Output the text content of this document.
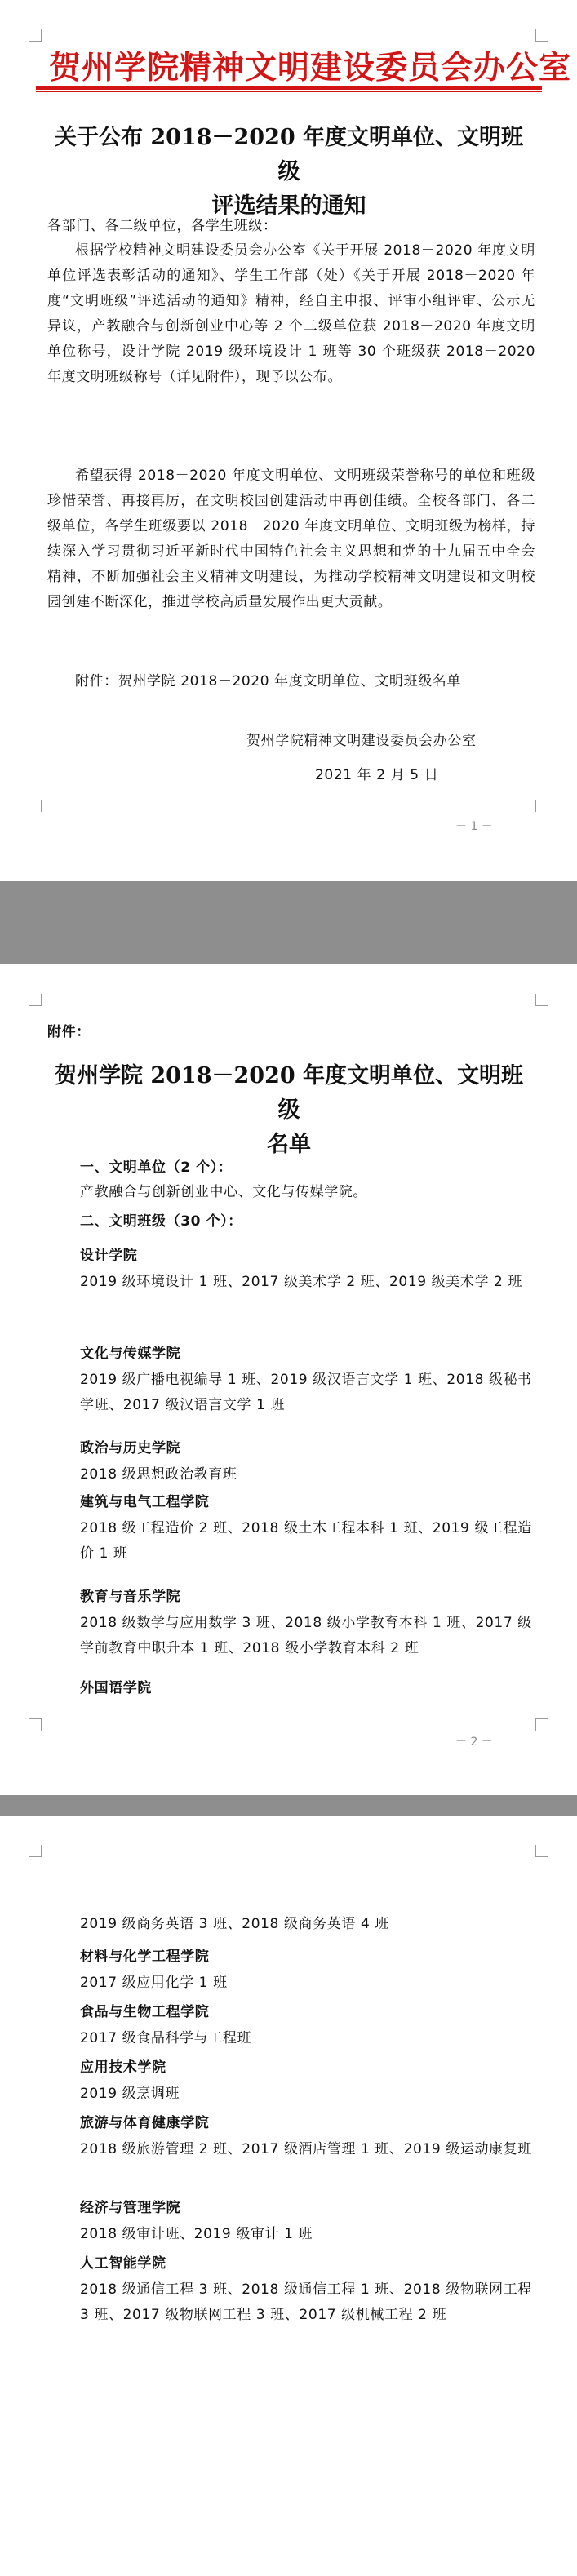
贺州学院精神文明建设委员会办公室
关于公布 2018－2020 年度文明单位、文明班级
评选结果的通知
各部门、各二级单位，各学生班级：
根据学校精神文明建设委员会办公室《关于开展 2018－2020 年度文明单位评选表彰活动的通知》、学生工作部（处）《关于开展 2018－2020 年度“文明班级”评选活动的通知》精神，经自主申报、评审小组评审、公示无异议，产教融合与创新创业中心等 2 个二级单位获 2018－2020 年度文明单位称号，设计学院 2019 级环境设计 1 班等 30 个班级获 2018－2020 年度文明班级称号（详见附件），现予以公布。
希望获得 2018－2020 年度文明单位、文明班级荣誉称号的单位和班级珍惜荣誉、再接再厉，在文明校园创建活动中再创佳绩。全校各部门、各二级单位，各学生班级要以 2018－2020 年度文明单位、文明班级为榜样，持续深入学习贯彻习近平新时代中国特色社会主义思想和党的十九届五中全会精神，不断加强社会主义精神文明建设，为推动学校精神文明建设和文明校园创建不断深化，推进学校高质量发展作出更大贡献。
附件：贺州学院 2018－2020 年度文明单位、文明班级名单
贺州学院精神文明建设委员会办公室
2021 年 2 月 5 日
－ 1 －
附件：
贺州学院 2018－2020 年度文明单位、文明班级
名单
一、文明单位（2 个）：
产教融合与创新创业中心、文化与传媒学院。
二、文明班级（30 个）：
设计学院
2019 级环境设计 1 班、2017 级美术学 2 班、2019 级美术学 2 班
文化与传媒学院
2019 级广播电视编导 1 班、2019 级汉语言文学 1 班、2018 级秘书学班、2017 级汉语言文学 1 班
政治与历史学院
2018 级思想政治教育班
建筑与电气工程学院
2018 级工程造价 2 班、2018 级土木工程本科 1 班、2019 级工程造价 1 班
教育与音乐学院
2018 级数学与应用数学 3 班、2018 级小学教育本科 1 班、2017 级学前教育中职升本 1 班、2018 级小学教育本科 2 班
外国语学院
－ 2 －
2019 级商务英语 3 班、2018 级商务英语 4 班
材料与化学工程学院
2017 级应用化学 1 班
食品与生物工程学院
2017 级食品科学与工程班
应用技术学院
2019 级烹调班
旅游与体育健康学院
2018 级旅游管理 2 班、2017 级酒店管理 1 班、2019 级运动康复班
经济与管理学院
2018 级审计班、2019 级审计 1 班
人工智能学院
2018 级通信工程 3 班、2018 级通信工程 1 班、2018 级物联网工程 3 班、2017 级物联网工程 3 班、2017 级机械工程 2 班
